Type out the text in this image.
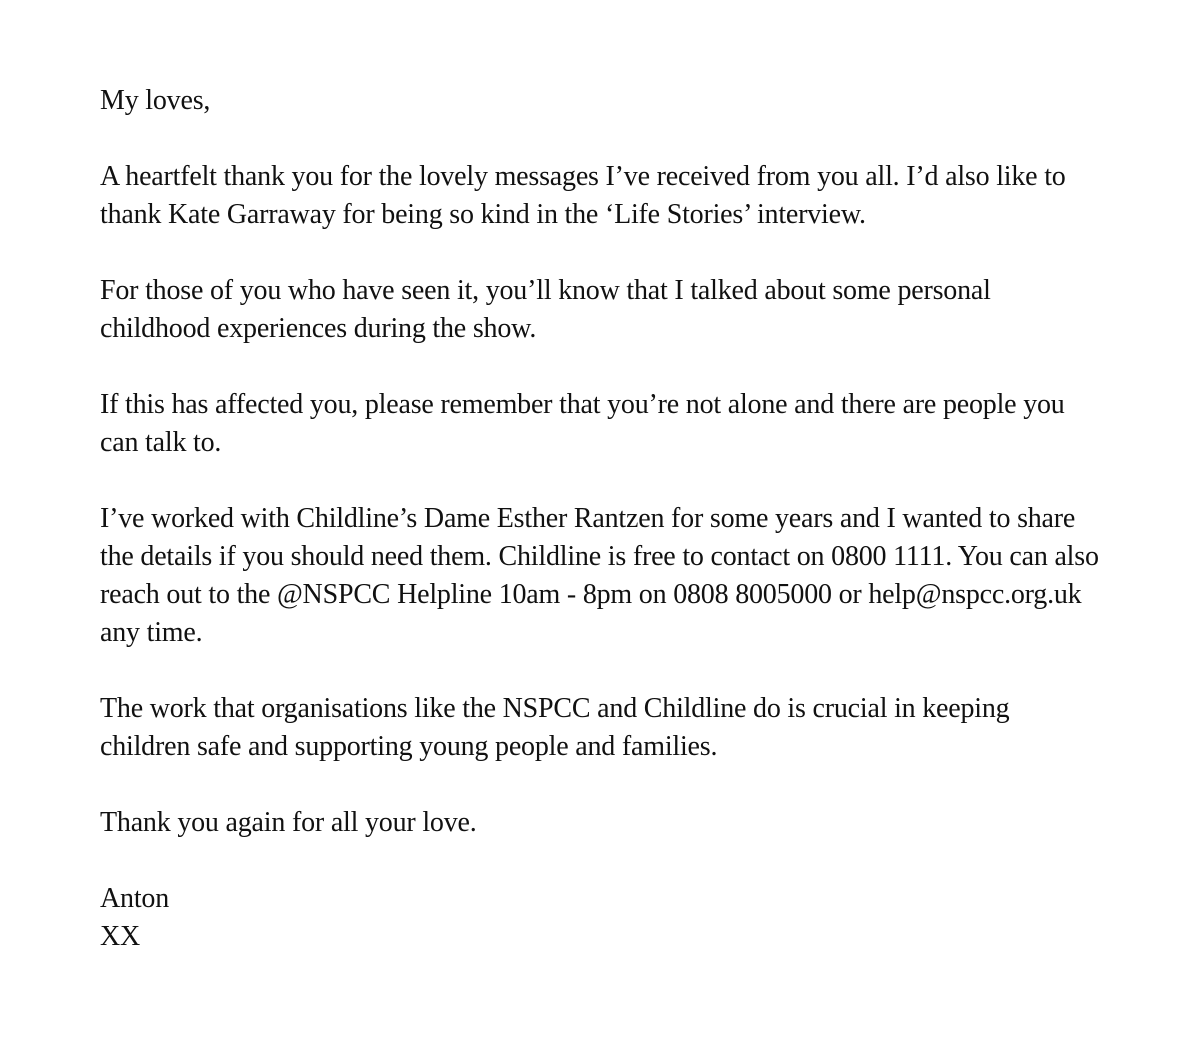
My loves,

A heartfelt thank you for the lovely messages I’ve received from you all. I’d also like to thank Kate Garraway for being so kind in the ‘Life Stories’ interview.

For those of you who have seen it, you’ll know that I talked about some personal childhood experiences during the show.

If this has affected you, please remember that you’re not alone and there are people you can talk to.

I’ve worked with Childline’s Dame Esther Rantzen for some years and I wanted to share the details if you should need them. Childline is free to contact on 0800 1111. You can also reach out to the @NSPCC Helpline 10am - 8pm on 0808 8005000 or help@nspcc.org.uk any time.

The work that organisations like the NSPCC and Childline do is crucial in keeping children safe and supporting young people and families.

Thank you again for all your love.

Anton
XX
